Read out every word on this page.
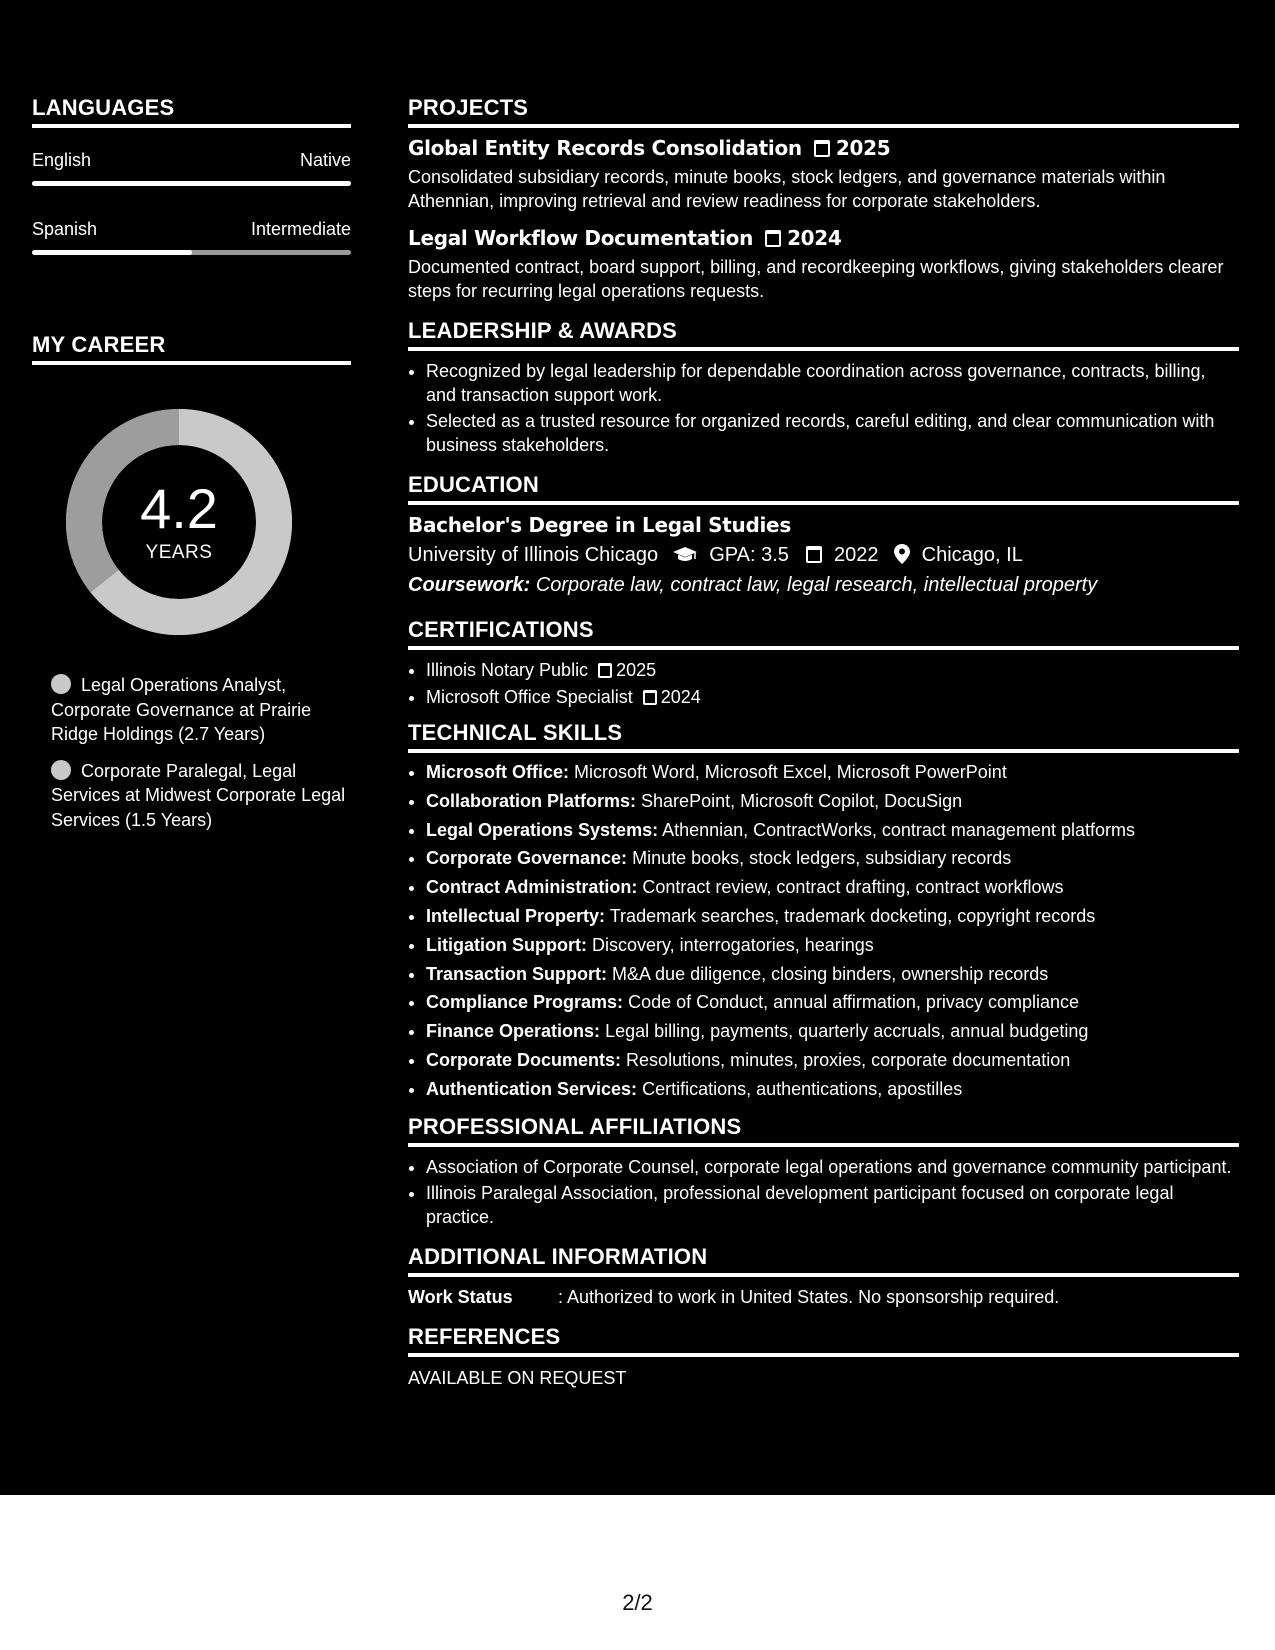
LANGUAGES
English	Native
Spanish	Intermediate
MY CAREER
4.2
YEARS
Legal Operations Analyst, Corporate Governance at Prairie Ridge Holdings (2.7 Years)
Corporate Paralegal, Legal Services at Midwest Corporate Legal Services (1.5 Years)
PROJECTS
Global Entity Records Consolidation 2025
Consolidated subsidiary records, minute books, stock ledgers, and governance materials within Athennian, improving retrieval and review readiness for corporate stakeholders.
Legal Workflow Documentation 2024
Documented contract, board support, billing, and recordkeeping workflows, giving stakeholders clearer steps for recurring legal operations requests.
LEADERSHIP & AWARDS
• Recognized by legal leadership for dependable coordination across governance, contracts, billing, and transaction support work.
• Selected as a trusted resource for organized records, careful editing, and clear communication with business stakeholders.
EDUCATION
Bachelor's Degree in Legal Studies
University of Illinois Chicago	GPA: 3.5 2022 Chicago, IL
Coursework: Corporate law, contract law, legal research, intellectual property
CERTIFICATIONS
• Illinois Notary Public 2025
• Microsoft Office Specialist 2024
TECHNICAL SKILLS
• Microsoft Office: Microsoft Word, Microsoft Excel, Microsoft PowerPoint
• Collaboration Platforms: SharePoint, Microsoft Copilot, DocuSign
• Legal Operations Systems: Athennian, ContractWorks, contract management platforms
• Corporate Governance: Minute books, stock ledgers, subsidiary records
• Contract Administration: Contract review, contract drafting, contract workflows
• Intellectual Property: Trademark searches, trademark docketing, copyright records
• Litigation Support: Discovery, interrogatories, hearings
• Transaction Support: M&A due diligence, closing binders, ownership records
• Compliance Programs: Code of Conduct, annual affirmation, privacy compliance
• Finance Operations: Legal billing, payments, quarterly accruals, annual budgeting
• Corporate Documents: Resolutions, minutes, proxies, corporate documentation
• Authentication Services: Certifications, authentications, apostilles
PROFESSIONAL AFFILIATIONS
• Association of Corporate Counsel, corporate legal operations and governance community participant.
• Illinois Paralegal Association, professional development participant focused on corporate legal practice.
ADDITIONAL INFORMATION
Work Status	: Authorized to work in United States. No sponsorship required.
REFERENCES
AVAILABLE ON REQUEST
2/2
